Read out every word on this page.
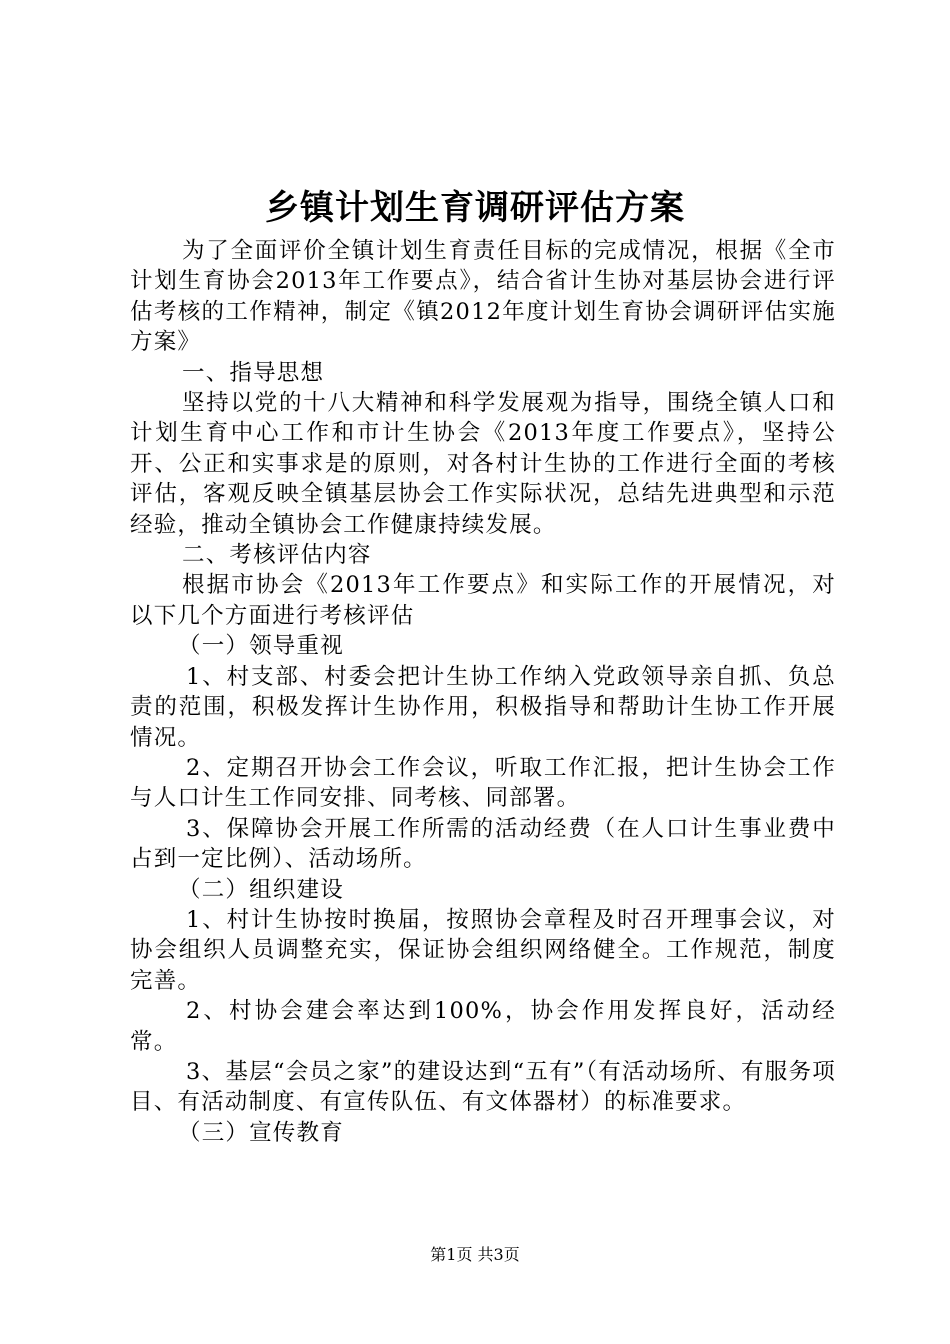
乡镇计划生育调研评估方案

为了全面评价全镇计划生育责任目标的完成情况，根据《全市计划生育协会2013年工作要点》，结合省计生协对基层协会进行评估考核的工作精神，制定《镇2012年度计划生育协会调研评估实施方案》

一、指导思想

坚持以党的十八大精神和科学发展观为指导，围绕全镇人口和计划生育中心工作和市计生协会《2013年度工作要点》，坚持公开、公正和实事求是的原则，对各村计生协的工作进行全面的考核评估，客观反映全镇基层协会工作实际状况，总结先进典型和示范经验，推动全镇协会工作健康持续发展。

二、考核评估内容

根据市协会《2013年工作要点》和实际工作的开展情况，对以下几个方面进行考核评估

（一）领导重视

1、村支部、村委会把计生协工作纳入党政领导亲自抓、负总责的范围，积极发挥计生协作用，积极指导和帮助计生协工作开展情况。

2、定期召开协会工作会议，听取工作汇报，把计生协会工作与人口计生工作同安排、同考核、同部署。

3、保障协会开展工作所需的活动经费（在人口计生事业费中占到一定比例）、活动场所。

（二）组织建设

1、村计生协按时换届，按照协会章程及时召开理事会议，对协会组织人员调整充实，保证协会组织网络健全。工作规范，制度完善。

2、村协会建会率达到100%，协会作用发挥良好，活动经常。

3、基层“会员之家”的建设达到“五有”（有活动场所、有服务项目、有活动制度、有宣传队伍、有文体器材）的标准要求。

（三）宣传教育

第1页 共3页
